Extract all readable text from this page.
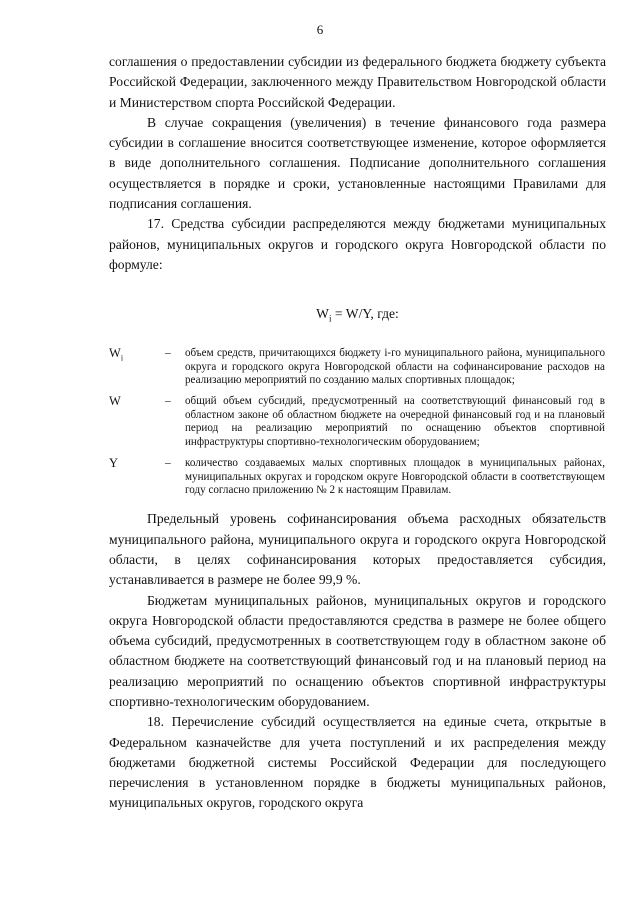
6

соглашения о предоставлении субсидии из федерального бюджета бюджету субъекта Российской Федерации, заключенного между Правительством Новгородской области и Министерством спорта Российской Федерации.

В случае сокращения (увеличения) в течение финансового года размера субсидии в соглашение вносится соответствующее изменение, которое оформляется в виде дополнительного соглашения. Подписание дополнительного соглашения осуществляется в порядке и сроки, установленные настоящими Правилами для подписания соглашения.

17. Средства субсидии распределяются между бюджетами муниципальных районов, муниципальных округов и городского округа Новгородской области по формуле:

$W_i = W/Y$, где:
$W_i$	–	объем средств, причитающихся бюджету i-го муниципального района, муниципального округа и городского округа Новгородской области на софинансирование расходов на реализацию мероприятий по созданию малых спортивных площадок;
W	–	общий объем субсидий, предусмотренный на соответствующий финансовый год в областном законе об областном бюджете на очередной финансовый год и на плановый период на реализацию мероприятий по оснащению объектов спортивной инфраструктуры спортивно-технологическим оборудованием;
Y	–	количество создаваемых малых спортивных площадок в муниципальных районах, муниципальных округах и городском округе Новгородской области в соответствующем году согласно приложению № 2 к настоящим Правилам.

Предельный уровень софинансирования объема расходных обязательств муниципального района, муниципального округа и городского округа Новгородской области, в целях софинансирования которых предоставляется субсидия, устанавливается в размере не более 99,9 %.

Бюджетам муниципальных районов, муниципальных округов и городского округа Новгородской области предоставляются средства в размере не более общего объема субсидий, предусмотренных в соответствующем году в областном законе об областном бюджете на соответствующий финансовый год и на плановый период на реализацию мероприятий по оснащению объектов спортивной инфраструктуры спортивно-технологическим оборудованием.

18. Перечисление субсидий осуществляется на единые счета, открытые в Федеральном казначействе для учета поступлений и их распределения между бюджетами бюджетной системы Российской Федерации для последующего перечисления в установленном порядке в бюджеты муниципальных районов, муниципальных округов, городского округа
